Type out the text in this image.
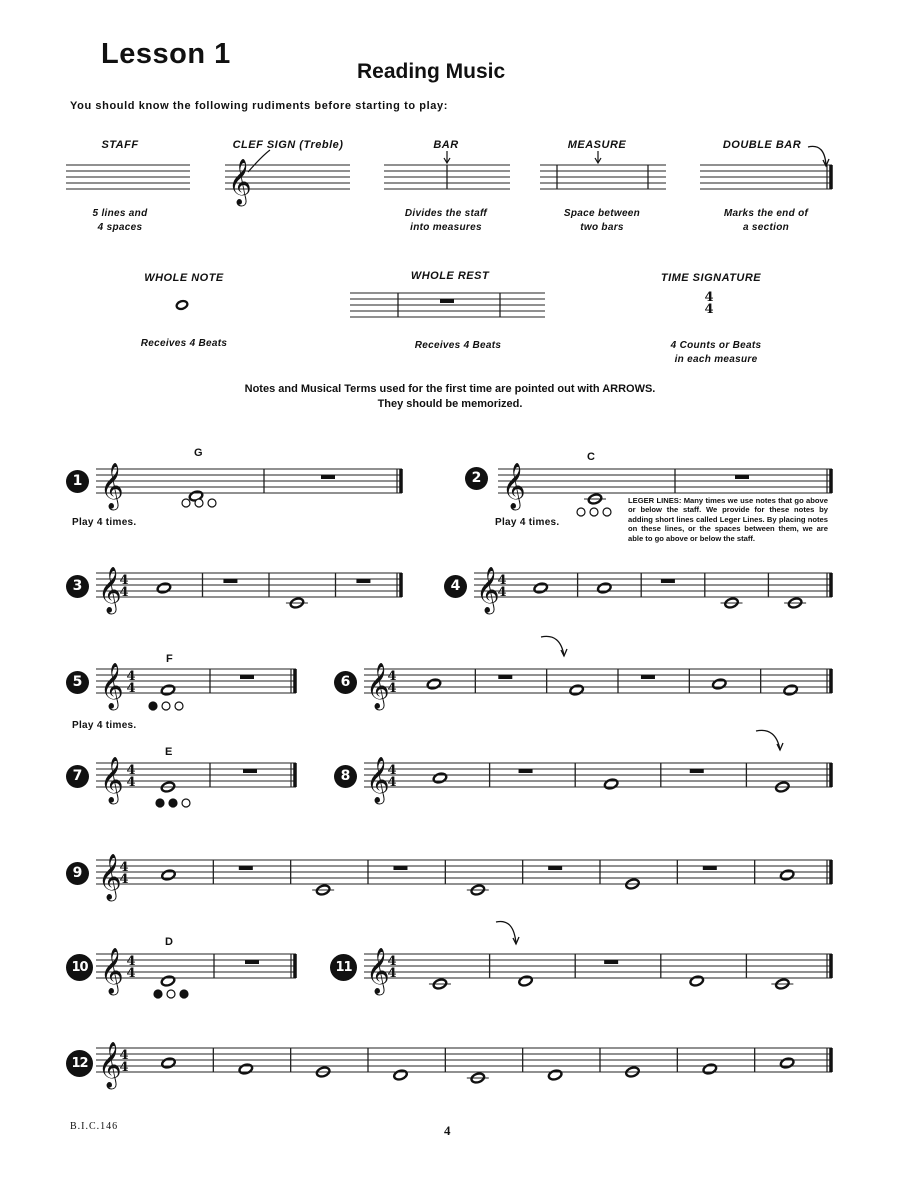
Lesson 1
Reading Music
You should know the following rudiments before starting to play:
STAFF	CLEF SIGN (Treble)	BAR	MEASURE	DOUBLE BAR
5 lines and
4 spaces
Divides the staff
into measures
Space between
two bars
Marks the end of
a section
WHOLE NOTE	WHOLE REST	TIME SIGNATURE
Receives 4 Beats	Receives 4 Beats	4 Counts or Beats
in each measure
Notes and Musical Terms used for the first time are pointed out with ARROWS.
They should be memorized.
1	2
3	4
5	6
7	8
9
10	11
12
G	C
F
E
D
Play 4 times.	Play 4 times.
Play 4 times.
LEGER LINES: Many times we use notes that go above or below the staff. We provide for these notes by adding short lines called Leger Lines. By placing notes on these lines, or the spaces between them, we are able to go above or below the staff.
𝄞
4
4
𝄞	𝄞
𝄞
4
4	𝄞
4
4
𝄞 4
4	𝄞
4
4
𝄞 4
4	𝄞
4
4
𝄞
4
4
𝄞 4
4	𝄞
4
4
𝄞
4
4
B.I.C.146	4
